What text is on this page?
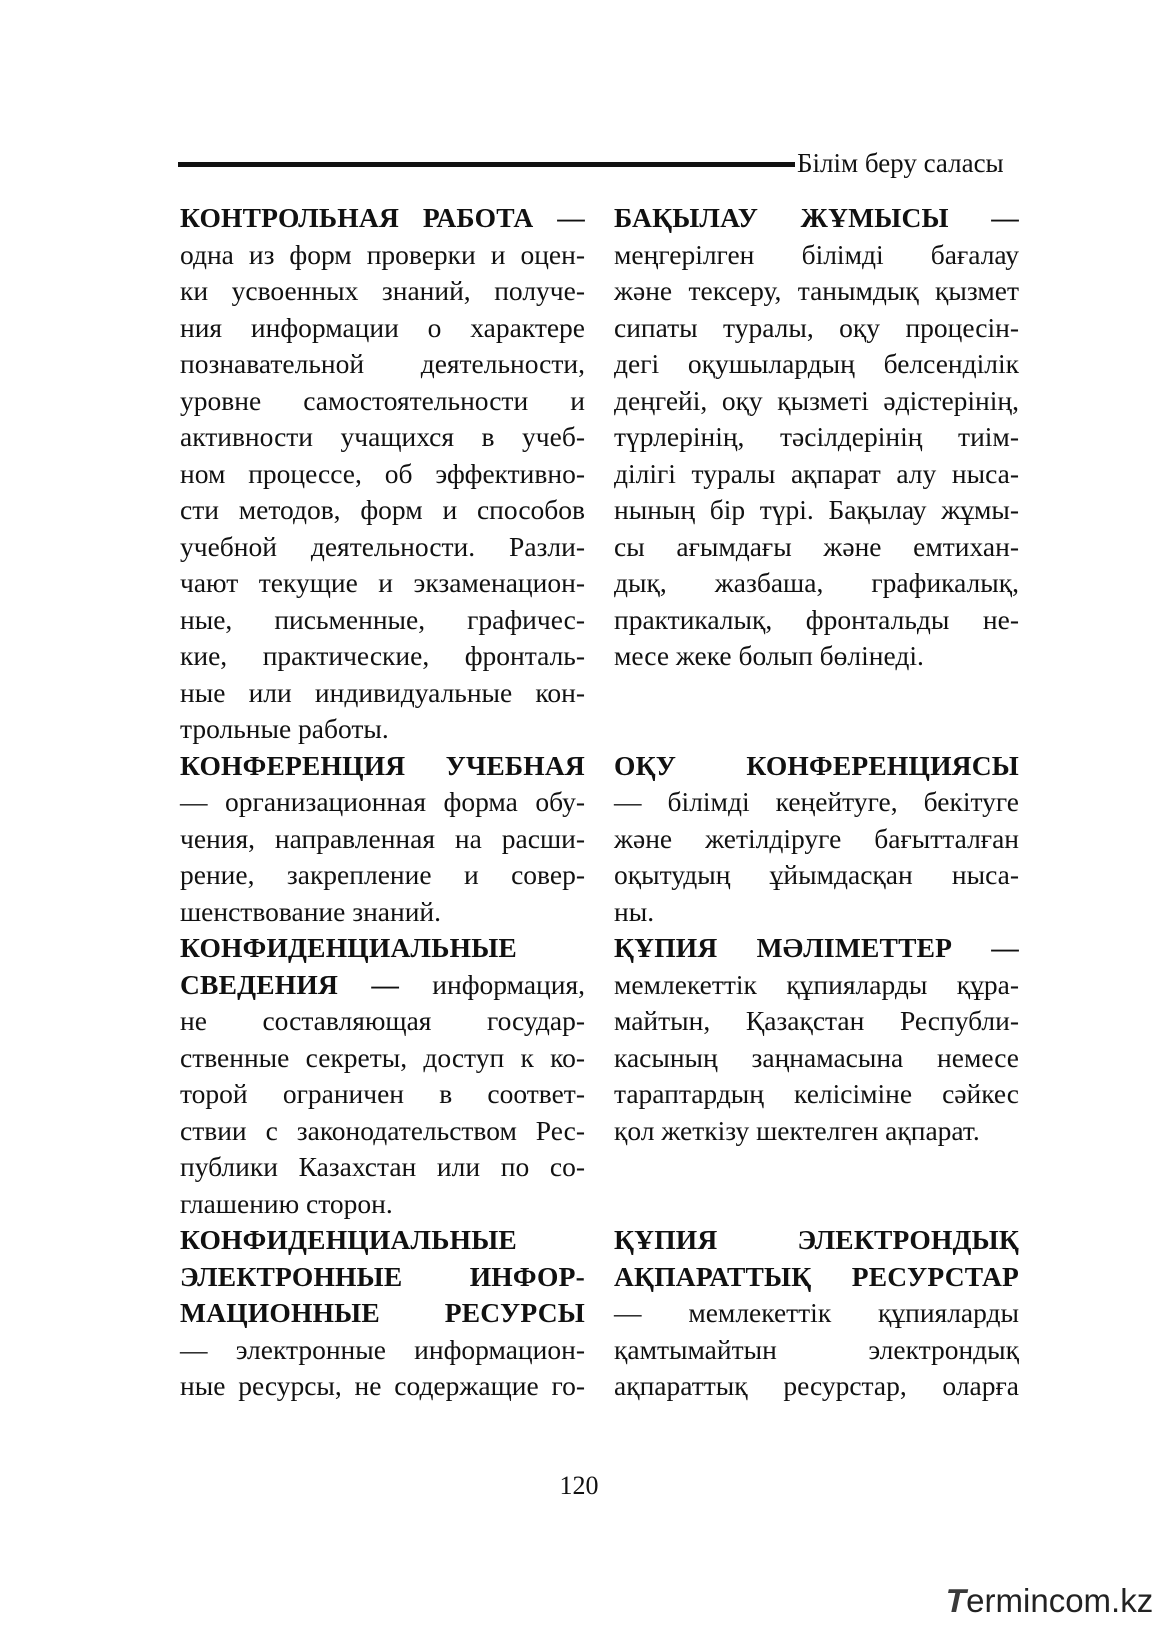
Білім беру саласы

КОНТРОЛЬНАЯ РАБОТА —

одна из форм проверки и оцен-

ки усвоенных знаний, получе-

ния информации о характере

познавательной деятельности,

уровне самостоятельности и

активности учащихся в учеб-

ном процессе, об эффективно-

сти методов, форм и способов

учебной деятельности. Разли-

чают текущие и экзаменацион-

ные, письменные, графичес-

кие, практические, фронталь-

ные или индивидуальные кон-

трольные работы.

КОНФЕРЕНЦИЯ УЧЕБНАЯ

— организационная форма обу-

чения, направленная на расши-

рение, закрепление и совер-

шенствование знаний.

КОНФИДЕНЦИАЛЬНЫЕ

СВЕДЕНИЯ — информация,

не составляющая государ-

ственные секреты, доступ к ко-

торой ограничен в соответ-

ствии с законодательством Рес-

публики Казахстан или по со-

глашению сторон.

КОНФИДЕНЦИАЛЬНЫЕ

ЭЛЕКТРОННЫЕ ИНФОР-

МАЦИОННЫЕ РЕСУРСЫ

— электронные информацион-

ные ресурсы, не содержащие го-

БАҚЫЛАУ ЖҰМЫСЫ —

меңгерілген білімді бағалау

және тексеру, танымдық қызмет

сипаты туралы, оқу процесін-

дегі оқушылардың белсенділік

деңгейі, оқу қызметі әдістерінің,

түрлерінің, тәсілдерінің тиім-

ділігі туралы ақпарат алу ныса-

нының бір түрі. Бақылау жұмы-

сы ағымдағы және емтихан-

дық, жазбаша, графикалық,

практикалық, фронтальды не-

месе жеке болып бөлінеді.

ОҚУ КОНФЕРЕНЦИЯСЫ

— білімді кеңейтуге, бекітуге

және жетілдіруге бағытталған

оқытудың ұйымдасқан ныса-

ны.

ҚҰПИЯ МӘЛІМЕТТЕР —

мемлекеттік құпияларды құра-

майтын, Қазақстан Республи-

касының заңнамасына немесе

тараптардың келісіміне сәйкес

қол жеткізу шектелген ақпарат.

ҚҰПИЯ ЭЛЕКТРОНДЫҚ

АҚПАРАТТЫҚ РЕСУРСТАР

— мемлекеттік құпияларды

қамтымайтын электрондық

ақпараттық ресурстар, оларға

120
Termincom.kz
